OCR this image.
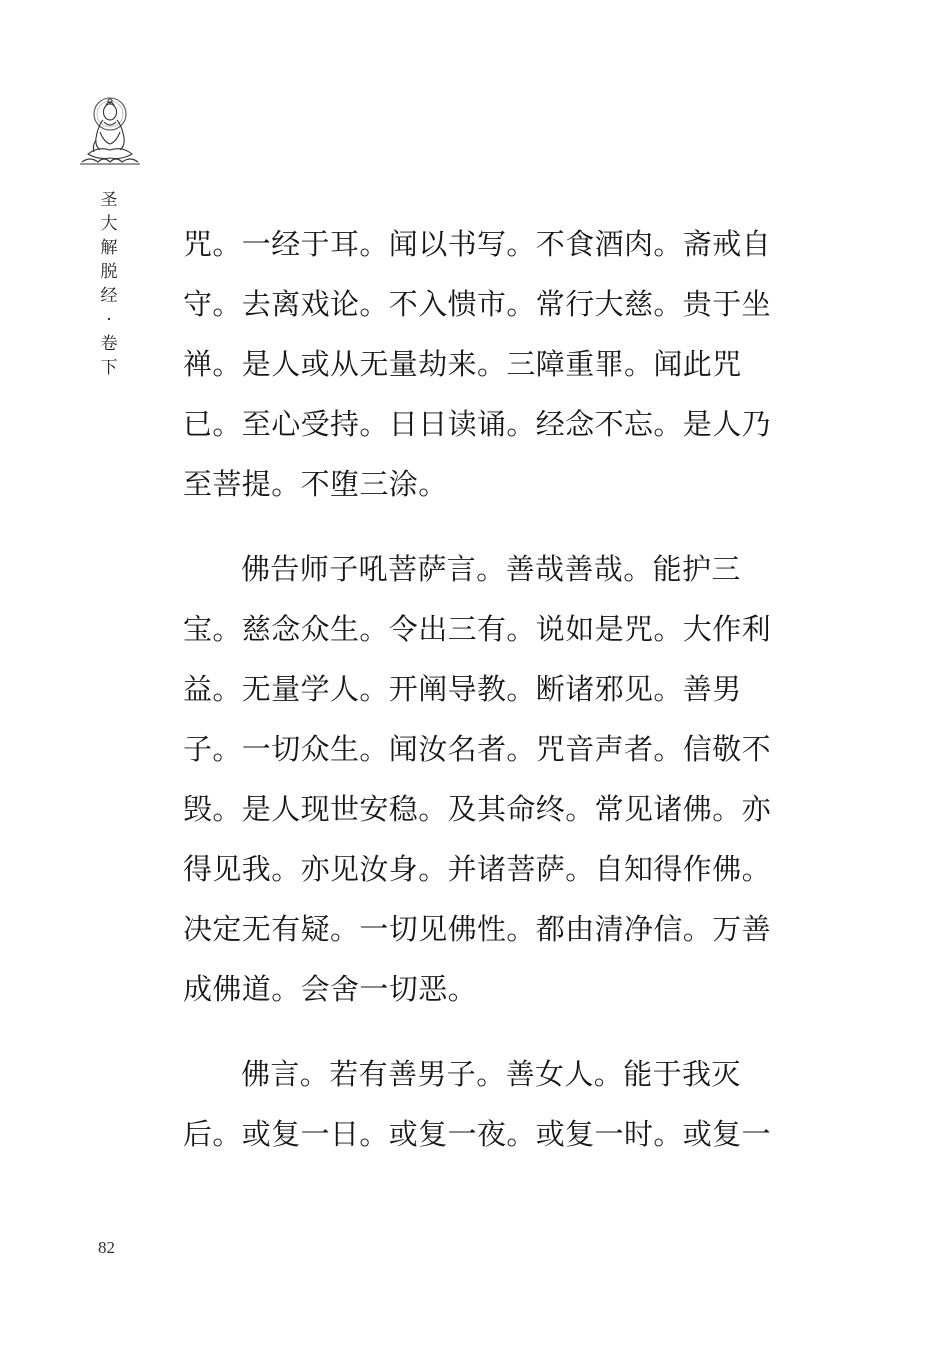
圣
大
解
脱
经
·
卷
下
咒。一经于耳。闻以书写。不食酒肉。斋戒自
守。去离戏论。不入愦市。常行大慈。贵于坐
禅。是人或从无量劫来。三障重罪。闻此咒
已。至心受持。日日读诵。经念不忘。是人乃
至菩提。不堕三涂。
佛告师子吼菩萨言。善哉善哉。能护三
宝。慈念众生。令出三有。说如是咒。大作利
益。无量学人。开阐导教。断诸邪见。善男
子。一切众生。闻汝名者。咒音声者。信敬不
毁。是人现世安稳。及其命终。常见诸佛。亦
得见我。亦见汝身。并诸菩萨。自知得作佛。
决定无有疑。一切见佛性。都由清净信。万善
成佛道。会舍一切恶。
佛言。若有善男子。善女人。能于我灭
后。或复一日。或复一夜。或复一时。或复一
82
